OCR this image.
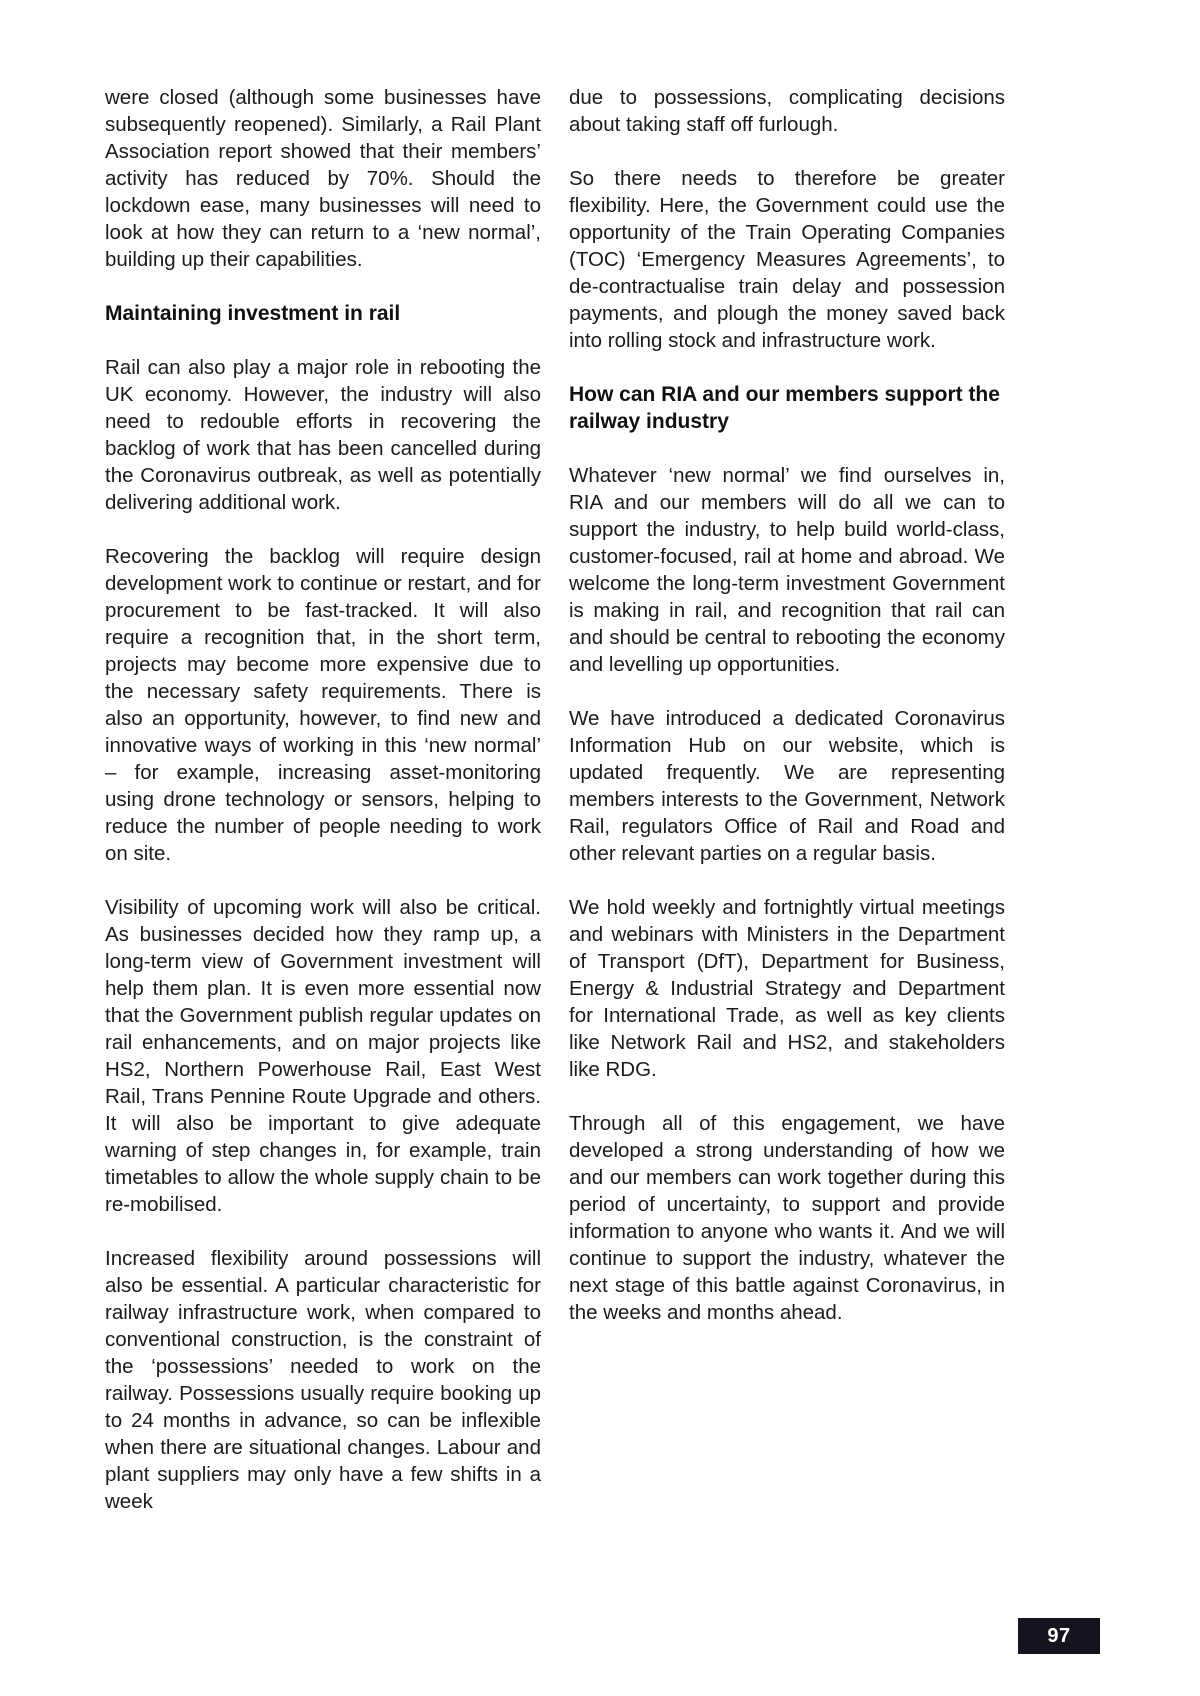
were closed (although some businesses have subsequently reopened). Similarly, a Rail Plant Association report showed that their members’ activity has reduced by 70%. Should the lockdown ease, many businesses will need to look at how they can return to a ‘new normal’, building up their capabilities.

Maintaining investment in rail

Rail can also play a major role in rebooting the UK economy. However, the industry will also need to redouble efforts in recovering the backlog of work that has been cancelled during the Coronavirus outbreak, as well as potentially delivering additional work.

Recovering the backlog will require design development work to continue or restart, and for procurement to be fast-tracked. It will also require a recognition that, in the short term, projects may become more expensive due to the necessary safety requirements. There is also an opportunity, however, to find new and innovative ways of working in this ‘new normal’ – for example, increasing asset-monitoring using drone technology or sensors, helping to reduce the number of people needing to work on site.

Visibility of upcoming work will also be critical. As businesses decided how they ramp up, a long-term view of Government investment will help them plan. It is even more essential now that the Government publish regular updates on rail enhancements, and on major projects like HS2, Northern Powerhouse Rail, East West Rail, Trans Pennine Route Upgrade and others. It will also be important to give adequate warning of step changes in, for example, train timetables to allow the whole supply chain to be re-mobilised.

Increased flexibility around possessions will also be essential. A particular characteristic for railway infrastructure work, when compared to conventional construction, is the constraint of the ‘possessions’ needed to work on the railway. Possessions usually require booking up to 24 months in advance, so can be inflexible when there are situational changes. Labour and plant suppliers may only have a few shifts in a week

due to possessions, complicating decisions about taking staff off furlough.

So there needs to therefore be greater flexibility. Here, the Government could use the opportunity of the Train Operating Companies (TOC) ‘Emergency Measures Agreements’, to de-contractualise train delay and possession payments, and plough the money saved back into rolling stock and infrastructure work.

How can RIA and our members support the railway industry

Whatever ‘new normal’ we find ourselves in, RIA and our members will do all we can to support the industry, to help build world-class, customer-focused, rail at home and abroad. We welcome the long-term investment Government is making in rail, and recognition that rail can and should be central to rebooting the economy and levelling up opportunities.

We have introduced a dedicated Coronavirus Information Hub on our website, which is updated frequently. We are representing members interests to the Government, Network Rail, regulators Office of Rail and Road and other relevant parties on a regular basis.

We hold weekly and fortnightly virtual meetings and webinars with Ministers in the Department of Transport (DfT), Department for Business, Energy & Industrial Strategy and Department for International Trade, as well as key clients like Network Rail and HS2, and stakeholders like RDG.

Through all of this engagement, we have developed a strong understanding of how we and our members can work together during this period of uncertainty, to support and provide information to anyone who wants it. And we will continue to support the industry, whatever the next stage of this battle against Coronavirus, in the weeks and months ahead.

97
